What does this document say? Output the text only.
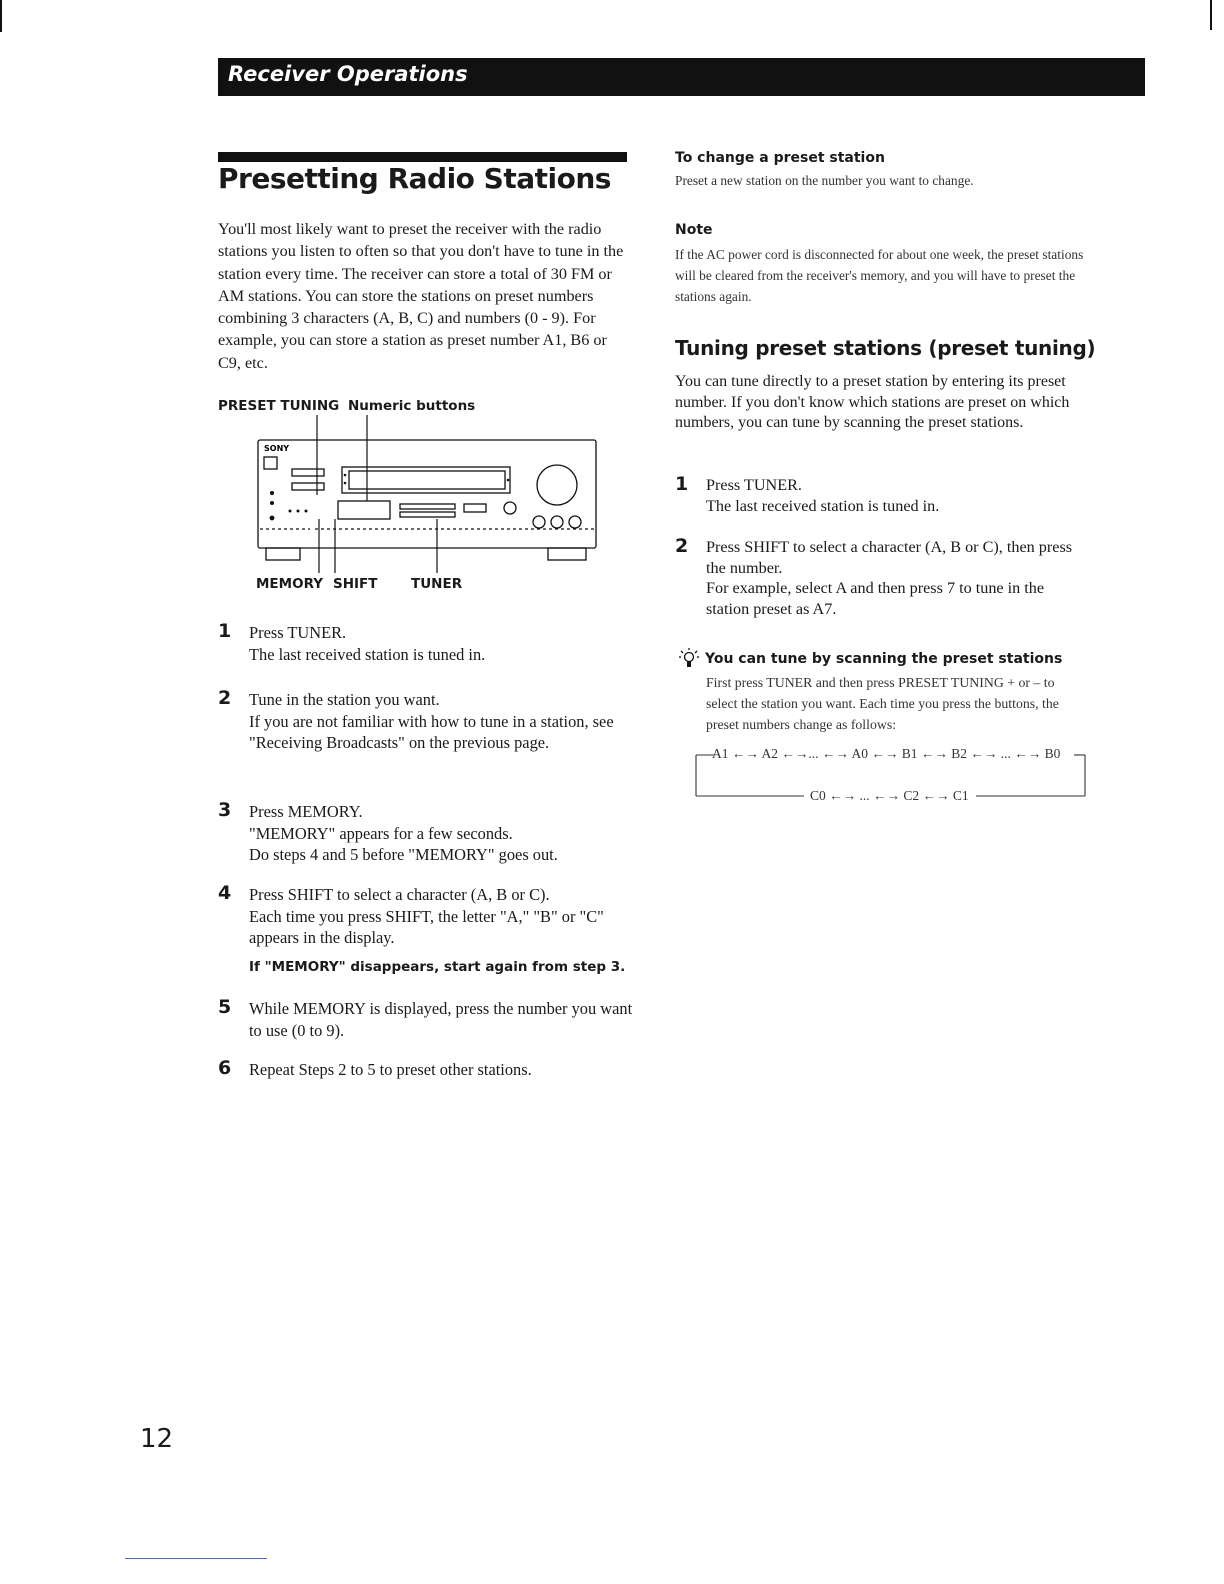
Receiver Operations
Presetting Radio Stations

You'll most likely want to preset the receiver with the radio stations you listen to often so that you don't have to tune in the station every time. The receiver can store a total of 30 FM or AM stations. You can store the stations on preset numbers combining 3 characters (A, B, C) and numbers (0 - 9). For example, you can store a station as preset number A1, B6 or C9, etc.

PRESET TUNING Numeric buttons
MEMORY SHIFT TUNER
SONY
1 Press TUNER.
The last received station is tuned in.
2 Tune in the station you want.
If you are not familiar with how to tune in a station, see "Receiving Broadcasts" on the previous page.
3 Press MEMORY.
"MEMORY" appears for a few seconds.
Do steps 4 and 5 before "MEMORY" goes out.
4 Press SHIFT to select a character (A, B or C).
Each time you press SHIFT, the letter "A," "B" or "C" appears in the display.
If "MEMORY" disappears, start again from step 3.
5 While MEMORY is displayed, press the number you want to use (0 to 9).
6 Repeat Steps 2 to 5 to preset other stations.
To change a preset station
Preset a new station on the number you want to change.
Note
If the AC power cord is disconnected for about one week, the preset stations will be cleared from the receiver's memory, and you will have to preset the stations again.
Tuning preset stations (preset tuning)
You can tune directly to a preset station by entering its preset number. If you don't know which stations are preset on which numbers, you can tune by scanning the preset stations.
1 Press TUNER.
The last received station is tuned in.
2 Press SHIFT to select a character (A, B or C), then press the number.
For example, select A and then press 7 to tune in the station preset as A7.
You can tune by scanning the preset stations
First press TUNER and then press PRESET TUNING + or – to select the station you want. Each time you press the buttons, the preset numbers change as follows:
A1 ←→ A2 ←→... ←→ A0 ←→ B1 ←→ B2 ←→ ... ←→ B0
C0 ←→ ... ←→ C2 ←→ C1
12
